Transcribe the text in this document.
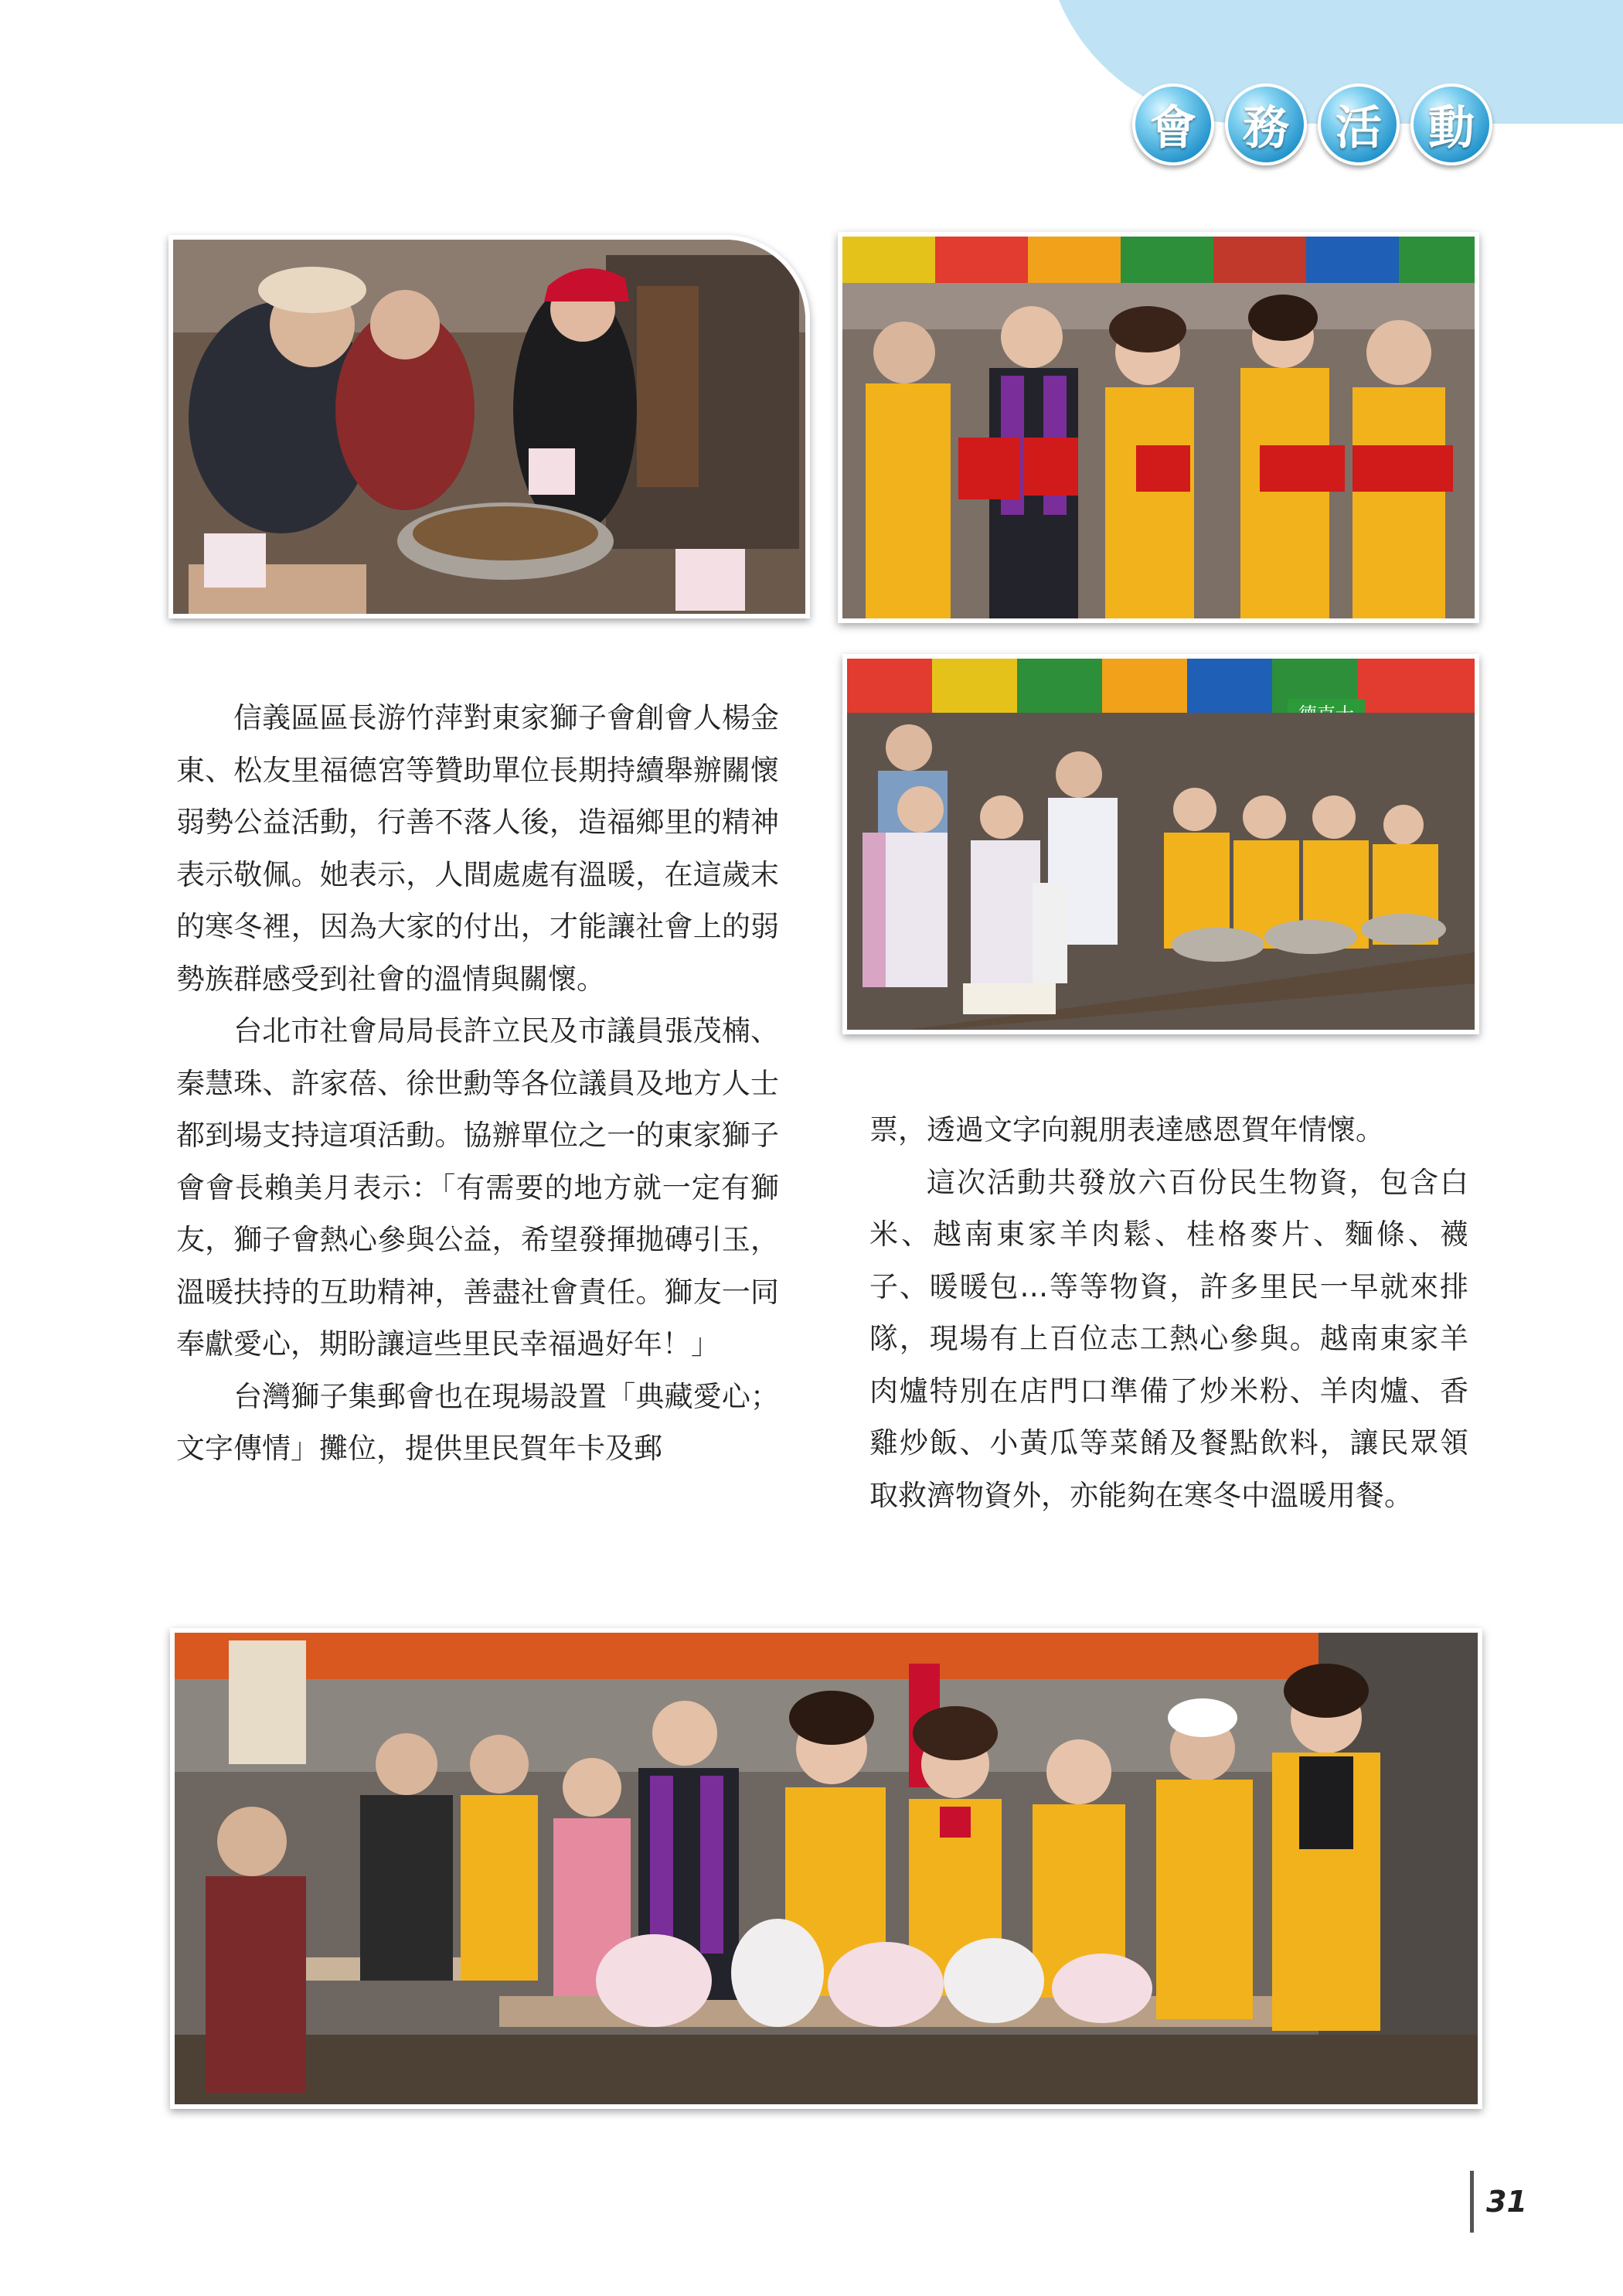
會	務	活	動

信義區區長游竹萍對東家獅子會創會人楊金東、松友里福德宮等贊助單位長期持續舉辦關懷弱勢公益活動，行善不落人後，造福鄉里的精神表示敬佩。她表示，人間處處有溫暖，在這歲末的寒冬裡，因為大家的付出，才能讓社會上的弱勢族群感受到社會的溫情與關懷。

台北市社會局局長許立民及市議員張茂楠、秦慧珠、許家蓓、徐世勳等各位議員及地方人士都到場支持這項活動。協辦單位之一的東家獅子會會長賴美月表示：「有需要的地方就一定有獅友，獅子會熱心參與公益，希望發揮拋磚引玉，溫暖扶持的互助精神，善盡社會責任。獅友一同奉獻愛心，期盼讓這些里民幸福過好年！」

台灣獅子集郵會也在現場設置「典藏愛心；文字傳情」攤位，提供里民賀年卡及郵

票，透過文字向親朋表達感恩賀年情懷。

這次活動共發放六百份民生物資，包含白米、越南東家羊肉鬆、桂格麥片、麵條、襪子、暖暖包…等等物資，許多里民一早就來排隊，現場有上百位志工熱心參與。越南東家羊肉爐特別在店門口準備了炒米粉、羊肉爐、香雞炒飯、小黃瓜等菜餚及餐點飲料，讓民眾領取救濟物資外，亦能夠在寒冬中溫暖用餐。

31
